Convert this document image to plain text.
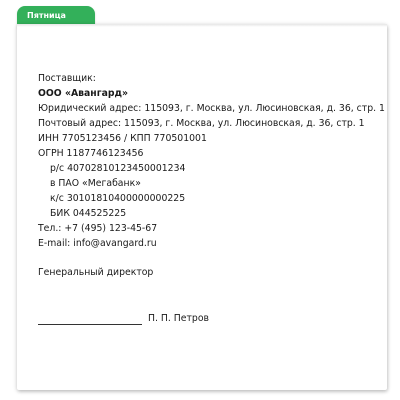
Пятница
Поставщик:
ООО «Авангард»
Юридический адрес: 115093, г. Москва, ул. Люсиновская, д. 36, стр. 1
Почтовый адрес: 115093, г. Москва, ул. Люсиновская, д. 36, стр. 1
ИНН 7705123456 / КПП 770501001
ОГРН 1187746123456
р/с 40702810123450001234
в ПАО «Мегабанк»
к/с 30101810400000000225
БИК 044525225
Тел.: +7 (495) 123-45-67
E-mail: info@avangard.ru
Генеральный директор
П. П. Петров
